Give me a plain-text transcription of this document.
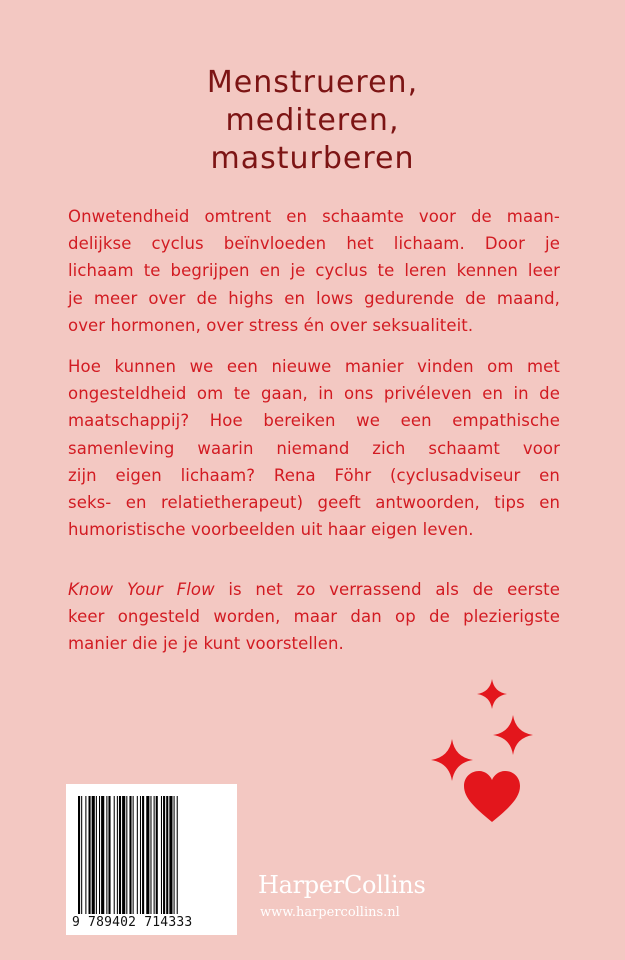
Menstrueren,
mediteren,
masturberen
Onwetendheid omtrent en schaamte voor de maan-
delijkse cyclus beïnvloeden het lichaam. Door je
lichaam te begrijpen en je cyclus te leren kennen leer
je meer over de highs en lows gedurende de maand,
over hormonen, over stress én over seksualiteit.
Hoe kunnen we een nieuwe manier vinden om met
ongesteldheid om te gaan, in ons privéleven en in de
maatschappij? Hoe bereiken we een empathische
samenleving waarin niemand zich schaamt voor
zijn eigen lichaam? Rena Föhr (cyclusadviseur en
seks- en relatietherapeut) geeft antwoorden, tips en
humoristische voorbeelden uit haar eigen leven.
Know Your Flow is net zo verrassend als de eerste
keer ongesteld worden, maar dan op de plezierigste
manier die je je kunt voorstellen.
9 789402 714333
HarperCollins
www.harpercollins.nl
